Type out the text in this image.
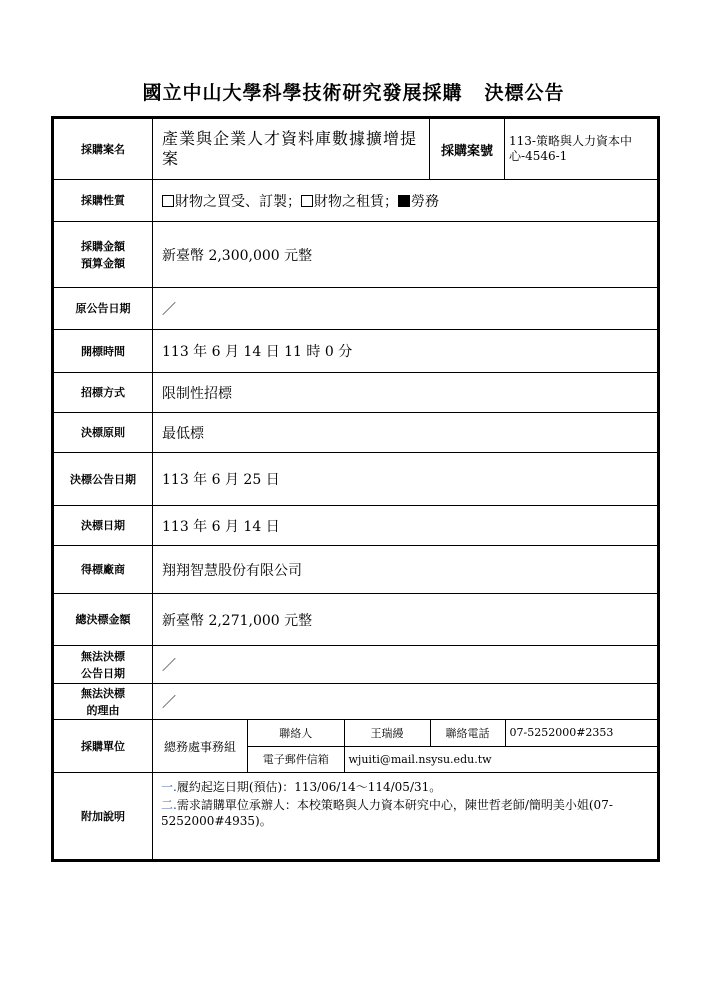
國立中山大學科學技術研究發展採購 決標公告
採購案名	產業與企業人才資料庫數據擴增提案	採購案號	113-策略與人力資本中心-4546-1
採購性質	財物之買受、訂製； 財物之租賃； 勞務

採購金額
預算金額	新臺幣 2,300,000 元整
原公告日期	／
開標時間	113 年 6 月 14 日 11 時 0 分
招標方式	限制性招標
決標原則	最低標
決標公告日期	113 年 6 月 25 日
決標日期	113 年 6 月 14 日
得標廠商	翔翔智慧股份有限公司
總決標金額	新臺幣 2,271,000 元整

無法決標
公告日期	／

無法決標
的理由	／
採購單位	總務處事務組	
聯絡人	王瑞縵	聯絡電話	07-5252000#2353
電子郵件信箱	wjuiti@mail.nsysu.edu.tw

附加說明	
一.履約起迄日期(預估)：113/06/14～114/05/31。
二.需求請購單位承辦人：本校策略與人力資本研究中心，陳世哲老師/簡明美小姐(07-5252000#4935)。
